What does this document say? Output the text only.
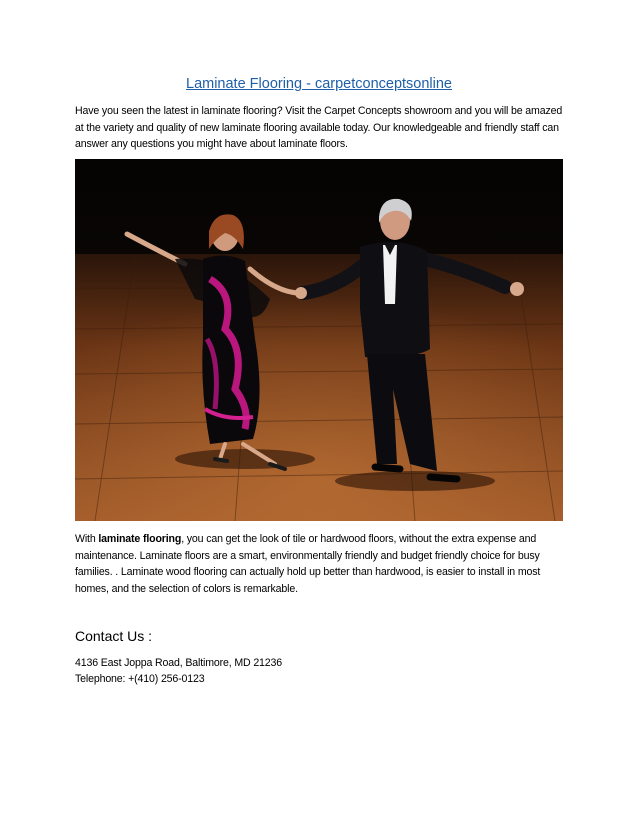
Laminate Flooring - carpetconceptsonline
Have you seen the latest in laminate flooring? Visit the Carpet Concepts showroom and you will be amazed at the variety and quality of new laminate flooring available today. Our knowledgeable and friendly staff can answer any questions you might have about laminate floors.
With laminate flooring, you can get the look of tile or hardwood floors, without the extra expense and maintenance. Laminate floors are a smart, environmentally friendly and budget friendly choice for busy families. . Laminate wood flooring can actually hold up better than hardwood, is easier to install in most homes, and the selection of colors is remarkable.
Contact Us :
4136 East Joppa Road, Baltimore, MD 21236
Telephone: +(410) 256-0123
